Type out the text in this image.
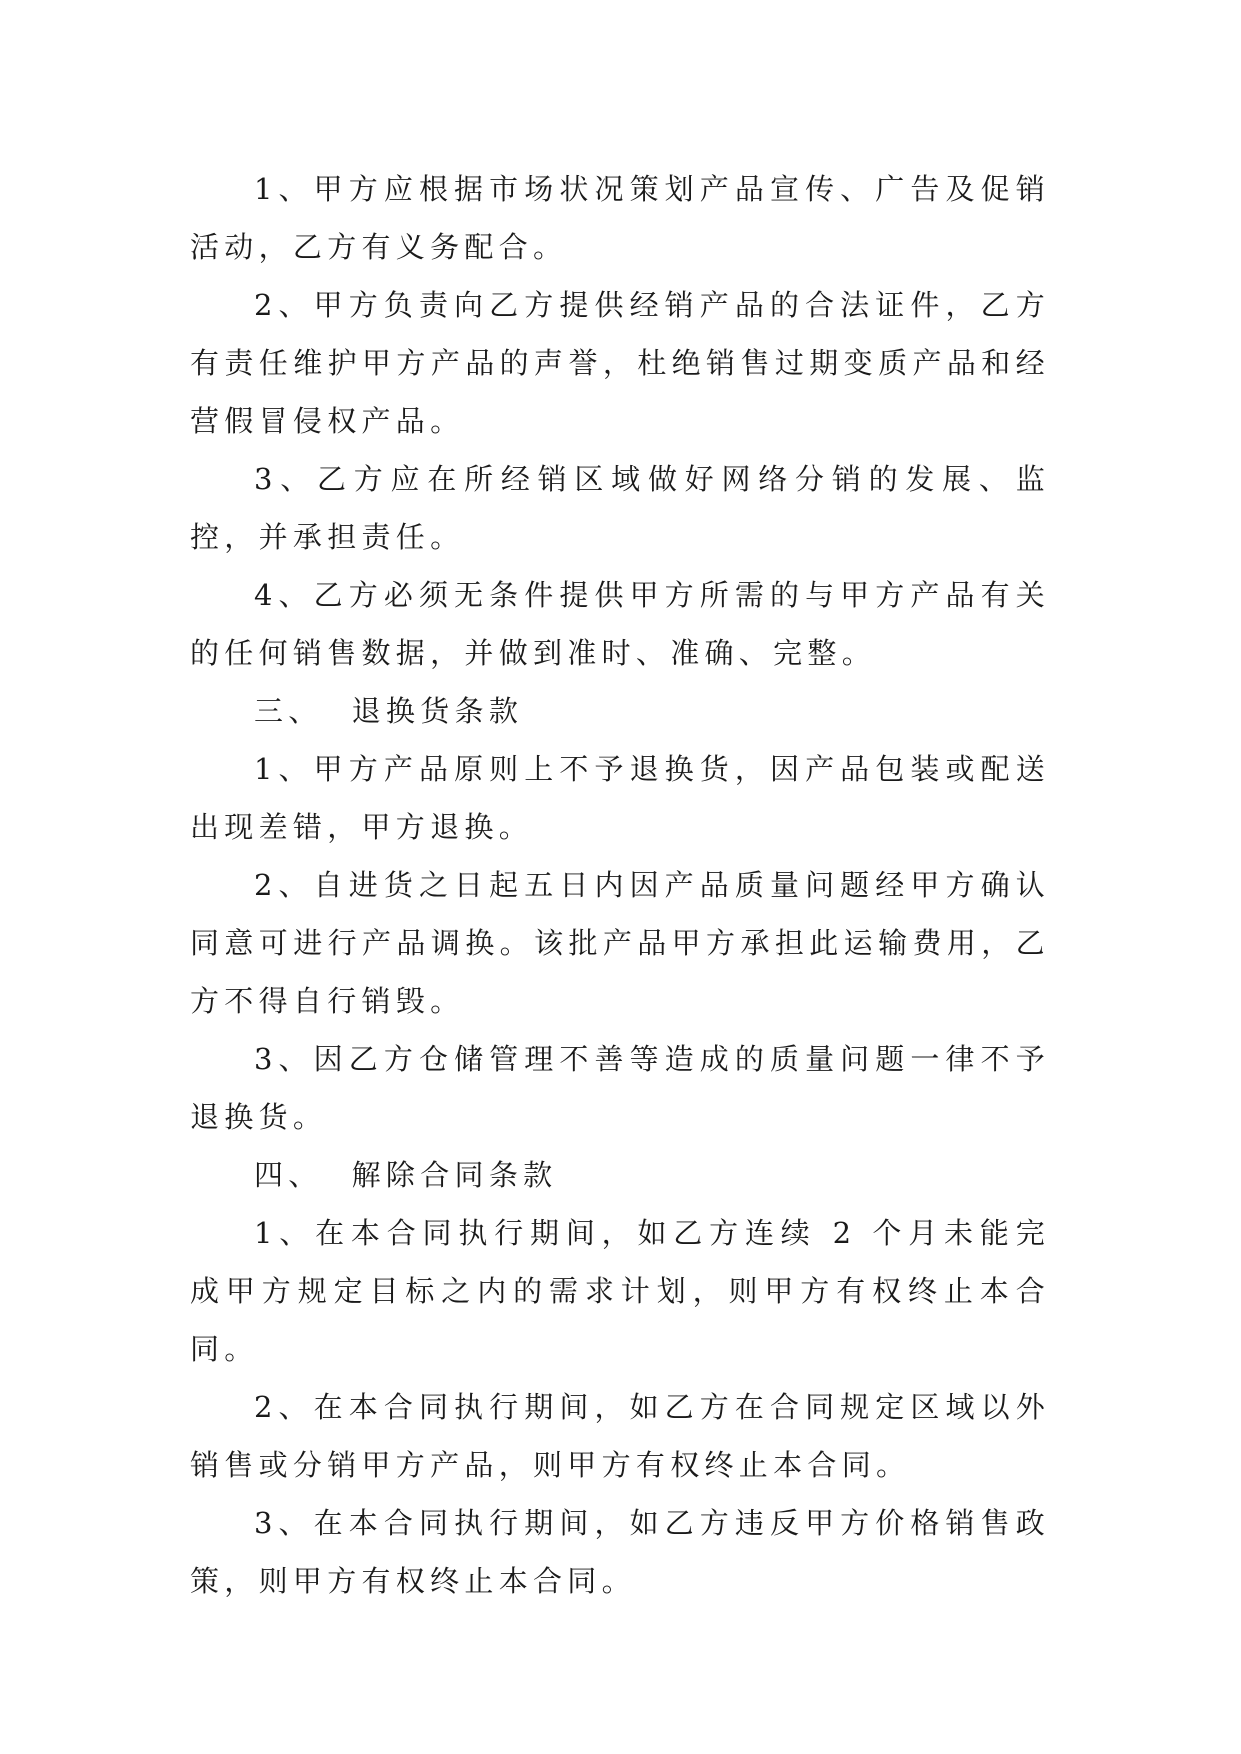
1、甲方应根据市场状况策划产品宣传、广告及促销活动，乙方有义务配合。

2、甲方负责向乙方提供经销产品的合法证件，乙方有责任维护甲方产品的声誉，杜绝销售过期变质产品和经营假冒侵权产品。

3、乙方应在所经销区域做好网络分销的发展、监控，并承担责任。

4、乙方必须无条件提供甲方所需的与甲方产品有关的任何销售数据，并做到准时、准确、完整。

三、  退换货条款

1、甲方产品原则上不予退换货，因产品包装或配送出现差错，甲方退换。

2、自进货之日起五日内因产品质量问题经甲方确认同意可进行产品调换。该批产品甲方承担此运输费用，乙方不得自行销毁。

3、因乙方仓储管理不善等造成的质量问题一律不予退换货。

四、  解除合同条款

1、在本合同执行期间，如乙方连续 2 个月未能完成甲方规定目标之内的需求计划，则甲方有权终止本合同。

2、在本合同执行期间，如乙方在合同规定区域以外销售或分销甲方产品，则甲方有权终止本合同。

3、在本合同执行期间，如乙方违反甲方价格销售政策，则甲方有权终止本合同。
